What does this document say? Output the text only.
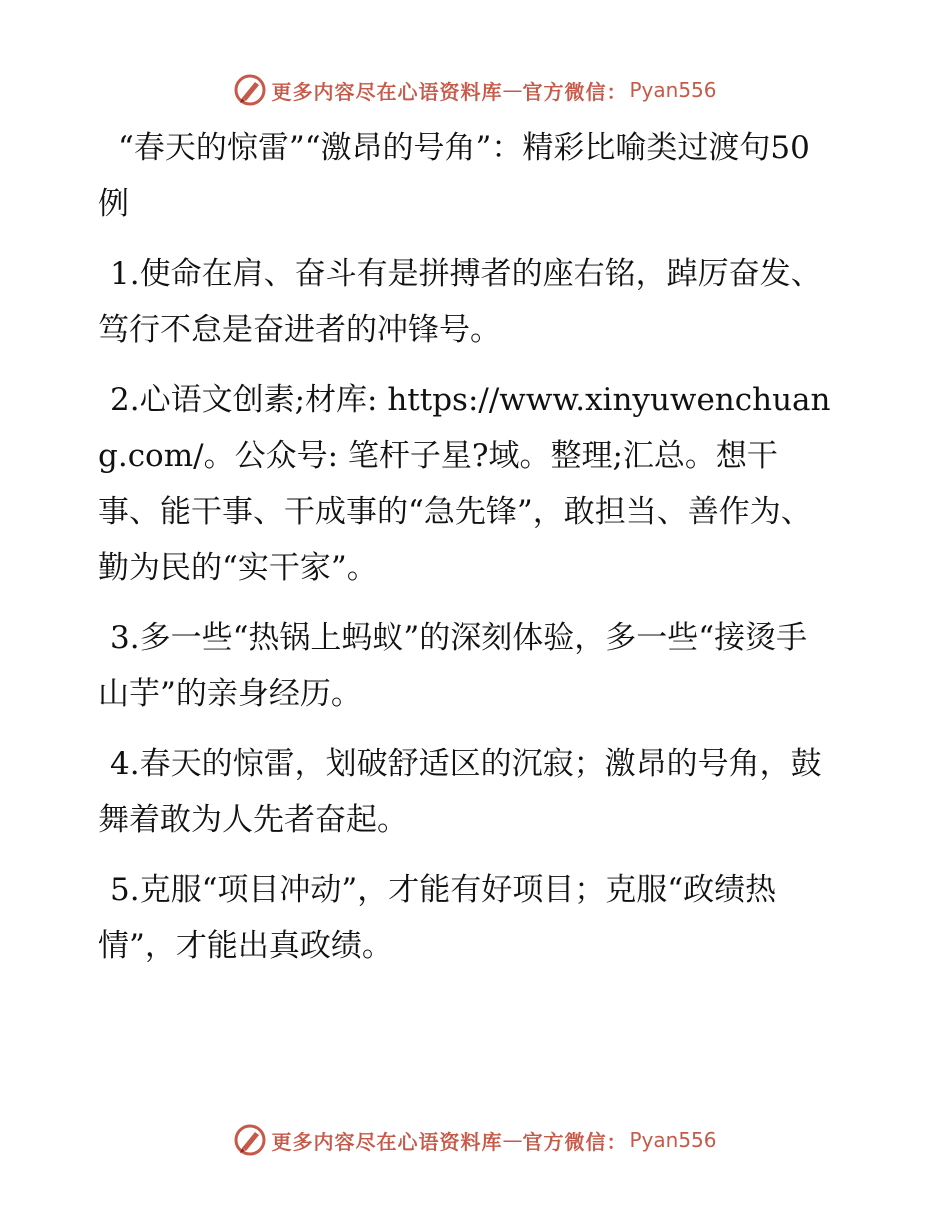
更多内容尽在心语资料库 — 官方微信： Pyan556

“春天的惊雷”“激昂的号角”：精彩比喻类过渡句50例

1.使命在肩、奋斗有是拼搏者的座右铭，踔厉奋发、笃行不怠是奋进者的冲锋号。

2.心语文创素;材库: https://www.xinyuwenchuang.com/。公众号: 笔杆子星?域。整理;汇总。想干事、能干事、干成事的“急先锋”，敢担当、善作为、勤为民的“实干家”。

3.多一些“热锅上蚂蚁”的深刻体验，多一些“接烫手山芋”的亲身经历。

4.春天的惊雷，划破舒适区的沉寂；激昂的号角，鼓舞着敢为人先者奋起。

5.克服“项目冲动”，才能有好项目；克服“政绩热情”，才能出真政绩。

更多内容尽在心语资料库 — 官方微信： Pyan556
